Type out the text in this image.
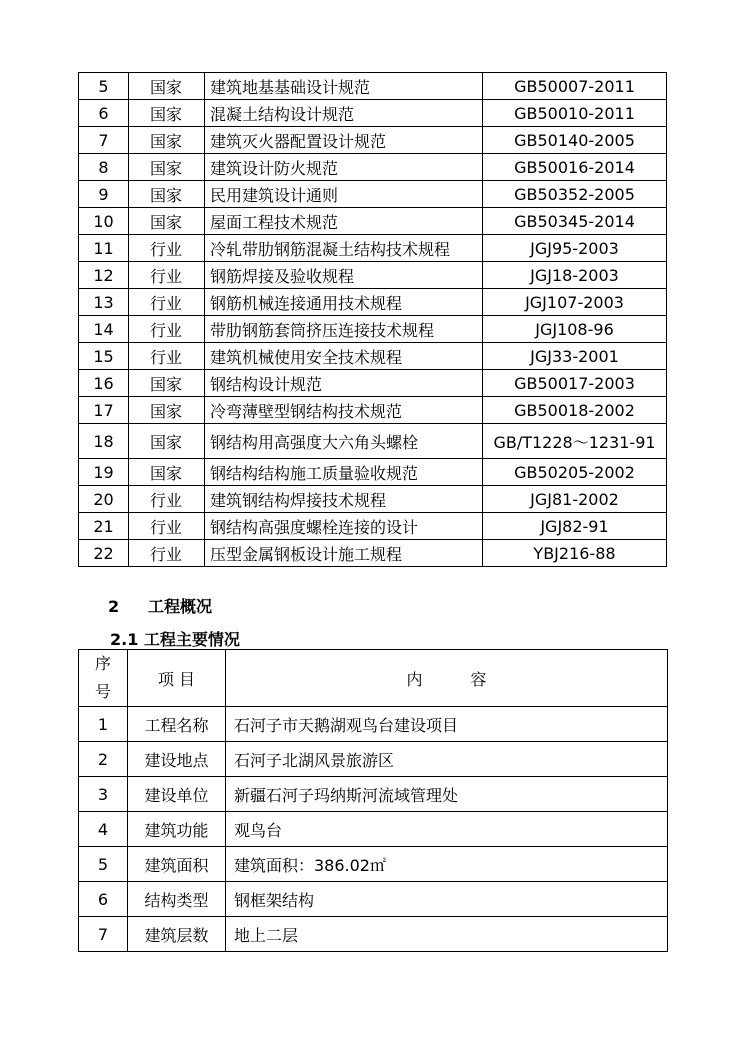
5	国家	建筑地基基础设计规范	GB50007-2011
6	国家	混凝土结构设计规范	GB50010-2011
7	国家	建筑灭火器配置设计规范	GB50140-2005
8	国家	建筑设计防火规范	GB50016-2014
9	国家	民用建筑设计通则	GB50352-2005
10	国家	屋面工程技术规范	GB50345-2014
11	行业	冷轧带肋钢筋混凝土结构技术规程	JGJ95-2003
12	行业	钢筋焊接及验收规程	JGJ18-2003
13	行业	钢筋机械连接通用技术规程	JGJ107-2003
14	行业	带肋钢筋套筒挤压连接技术规程	JGJ108-96
15	行业	建筑机械使用安全技术规程	JGJ33-2001
16	国家	钢结构设计规范	GB50017-2003
17	国家	冷弯薄壁型钢结构技术规范	GB50018-2002
18	国家	钢结构用高强度大六角头螺栓	GB/T1228～1231-91
19	国家	钢结构结构施工质量验收规范	GB50205-2002
20	行业	建筑钢结构焊接技术规程	JGJ81-2002
21	行业	钢结构高强度螺栓连接的设计	JGJ82-91
22	行业	压型金属钢板设计施工规程	YBJ216-88
2 工程概况
2.1 工程主要情况
序
号	项 目	内 容
1	工程名称	石河子市天鹅湖观鸟台建设项目
2	建设地点	石河子北湖风景旅游区
3	建设单位	新疆石河子玛纳斯河流域管理处
4	建筑功能	观鸟台
5	建筑面积	建筑面积：386.02㎡
6	结构类型	钢框架结构
7	建筑层数	地上二层
